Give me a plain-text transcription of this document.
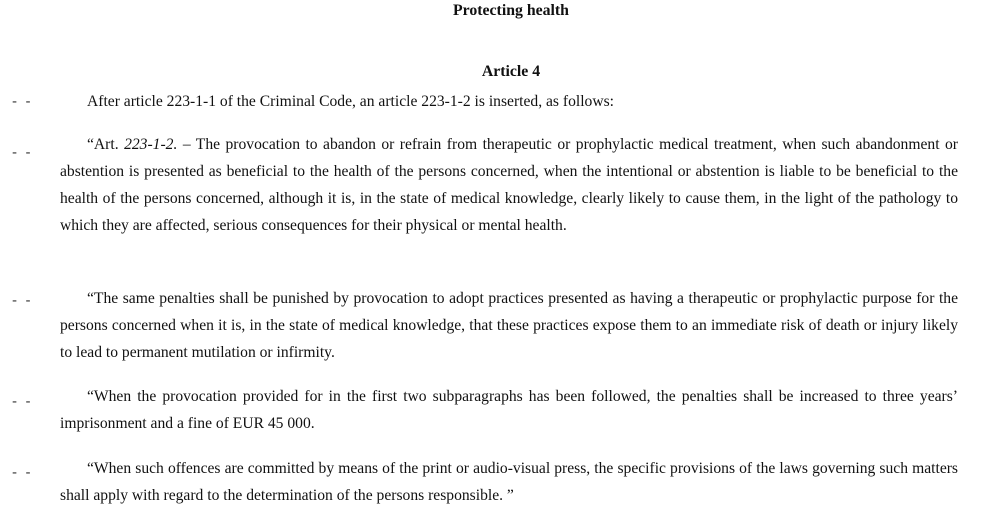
Protecting health
Article 4
- -	After article 223-1-1 of the Criminal Code, an article 223-1-2 is inserted, as follows:

- -	“Art. 223-1-2. – The provocation to abandon or refrain from therapeutic or prophylactic medical treatment, when such abandonment or abstention is presented as beneficial to the health of the persons concerned, when the intentional or abstention is liable to be beneficial to the health of the persons concerned, although it is, in the state of medical knowledge, clearly likely to cause them, in the light of the pathology to which they are affected, serious consequences for their physical or mental health.

- -	“The same penalties shall be punished by provocation to adopt practices presented as having a therapeutic or prophylactic purpose for the persons concerned when it is, in the state of medical knowledge, that these practices expose them to an immediate risk of death or injury likely to lead to permanent mutilation or infirmity.

- -	“When the provocation provided for in the first two subparagraphs has been followed, the penalties shall be increased to three years’ imprisonment and a fine of EUR 45 000.

- -	“When such offences are committed by means of the print or audio-visual press, the specific provisions of the laws governing such matters shall apply with regard to the determination of the persons responsible. ”
